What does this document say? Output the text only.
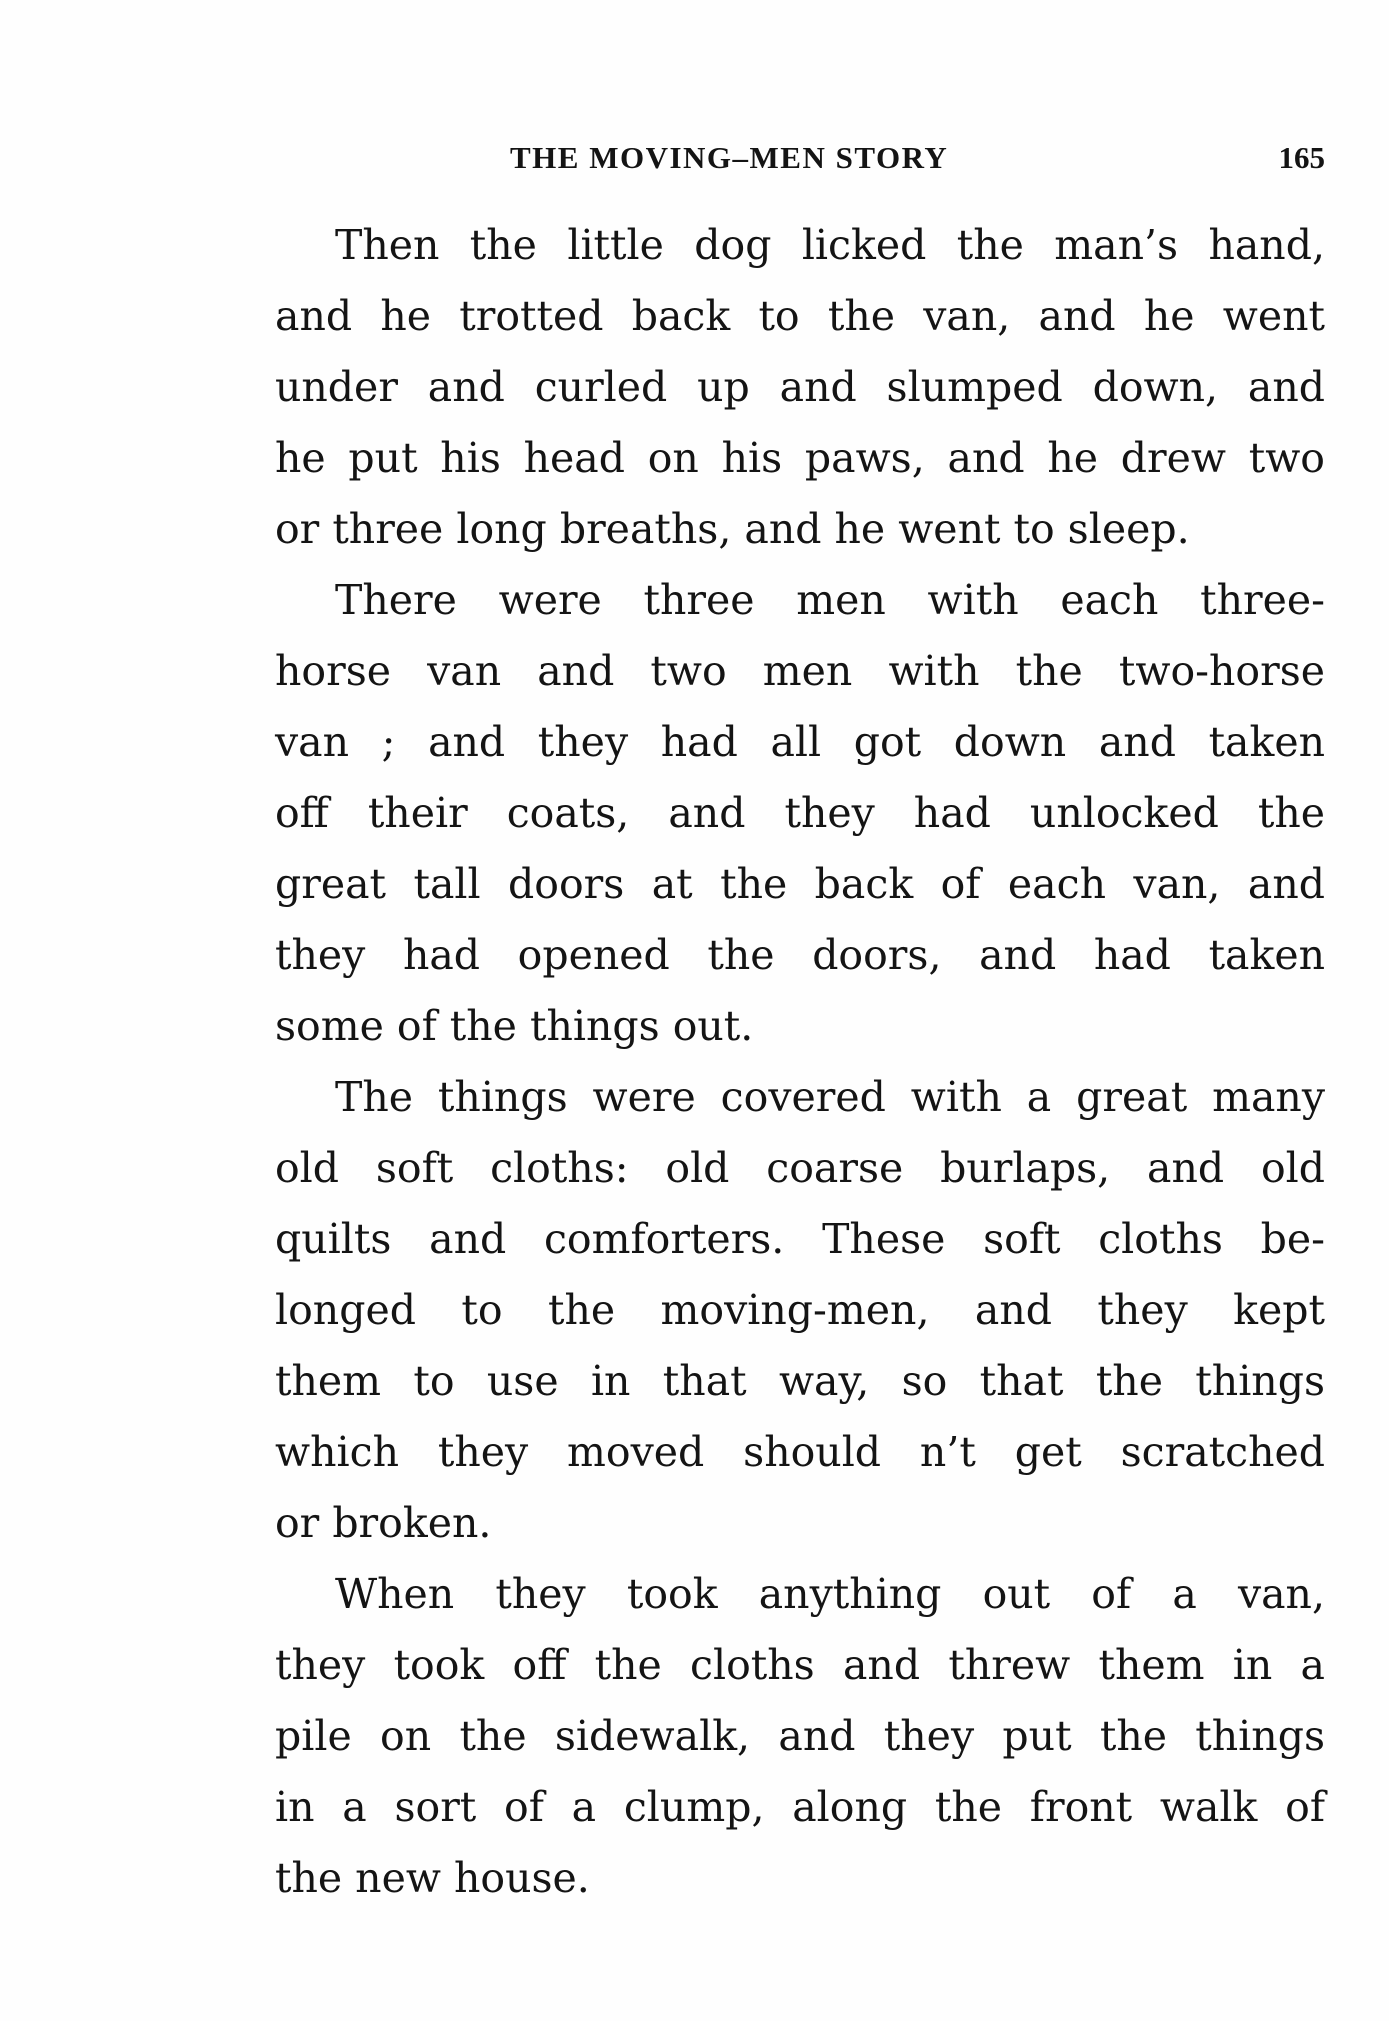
THE MOVING–MEN STORY	165
Then the little dog licked the man’s hand,
and he trotted back to the van, and he went
under and curled up and slumped down, and
he put his head on his paws, and he drew two
or three long breaths, and he went to sleep.
There were three men with each three-
horse van and two men with the two-horse
van ; and they had all got down and taken
off their coats, and they had unlocked the
great tall doors at the back of each van, and
they had opened the doors, and had taken
some of the things out.
The things were covered with a great many
old soft cloths: old coarse burlaps, and old
quilts and comforters. These soft cloths be-
longed to the moving-men, and they kept
them to use in that way, so that the things
which they moved should n’t get scratched
or broken.
When they took anything out of a van,
they took off the cloths and threw them in a
pile on the sidewalk, and they put the things
in a sort of a clump, along the front walk of
the new house.
